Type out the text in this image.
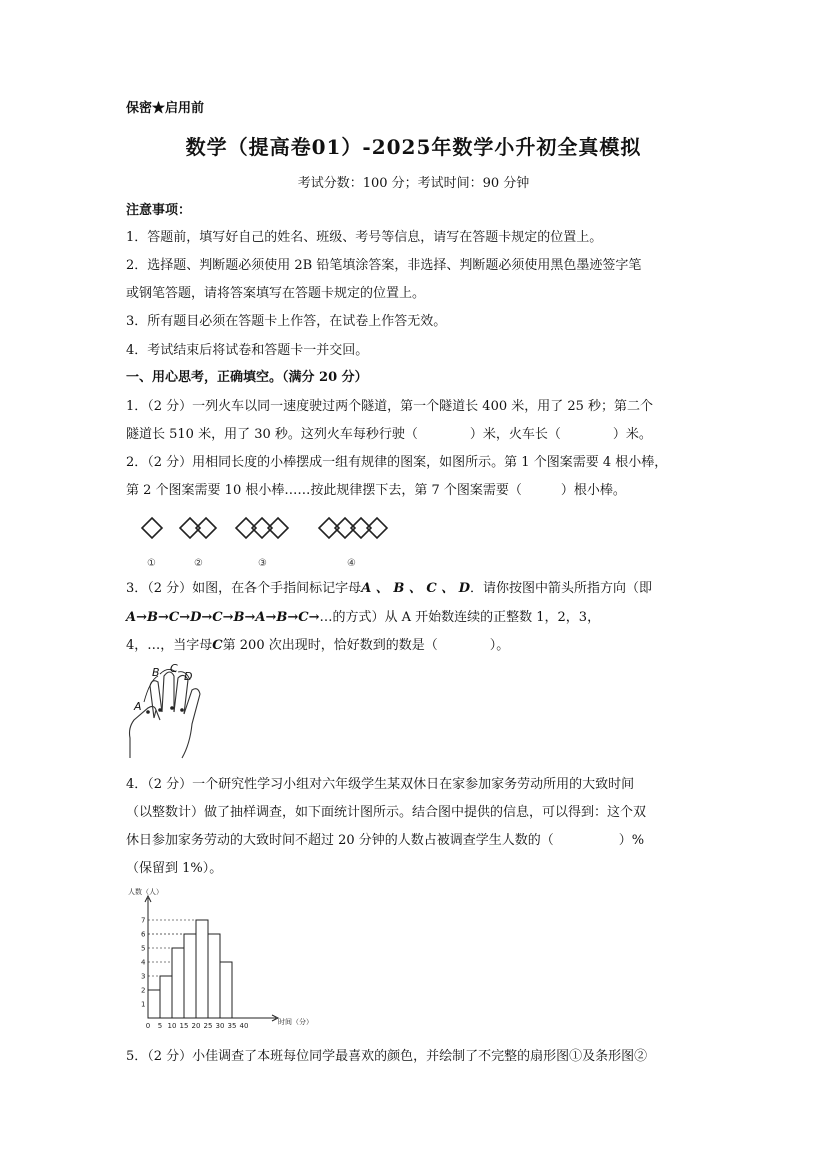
保密★启用前
数学（提高卷01）-2025年数学小升初全真模拟
考试分数：100 分；考试时间：90 分钟
注意事项：
1．答题前，填写好自己的姓名、班级、考号等信息，请写在答题卡规定的位置上。
2．选择题、判断题必须使用 2B 铅笔填涂答案，非选择、判断题必须使用黑色墨迹签字笔
或钢笔答题，请将答案填写在答题卡规定的位置上。
3．所有题目必须在答题卡上作答，在试卷上作答无效。
4．考试结束后将试卷和答题卡一并交回。
一、用心思考，正确填空。（满分 20 分）
1．（2 分）一列火车以同一速度驶过两个隧道，第一个隧道长 400 米，用了 25 秒；第二个
隧道长 510 米，用了 30 秒。这列火车每秒行驶（　　　　）米，火车长（　　　　）米。
2．（2 分）用相同长度的小棒摆成一组有规律的图案，如图所示。第 1 个图案需要 4 根小棒，
第 2 个图案需要 10 根小棒……按此规律摆下去，第 7 个图案需要（　　　）根小棒。
①	②	③	④
3．（2 分）如图，在各个手指间标记字母A 、 B 、 C 、 D．请你按图中箭头所指方向（即
A→B→C→D→C→B→A→B→C→…的方式）从 A 开始数连续的正整数 1，2，3，
4，…，当字母C第 200 次出现时，恰好数到的数是（　　　　）。
A
B C
D
4．（2 分）一个研究性学习小组对六年级学生某双休日在家参加家务劳动所用的大致时间
（以整数计）做了抽样调查，如下面统计图所示。结合图中提供的信息，可以得到：这个双
休日参加家务劳动的大致时间不超过 20 分钟的人数占被调查学生人数的（　　　　　）%
（保留到 1%）。
人数（人）
时间（分）
1
2
3
4
5
6
7
0 5 10 15 20 25 30 35 40
5．（2 分）小佳调查了本班每位同学最喜欢的颜色，并绘制了不完整的扇形图①及条形图②
